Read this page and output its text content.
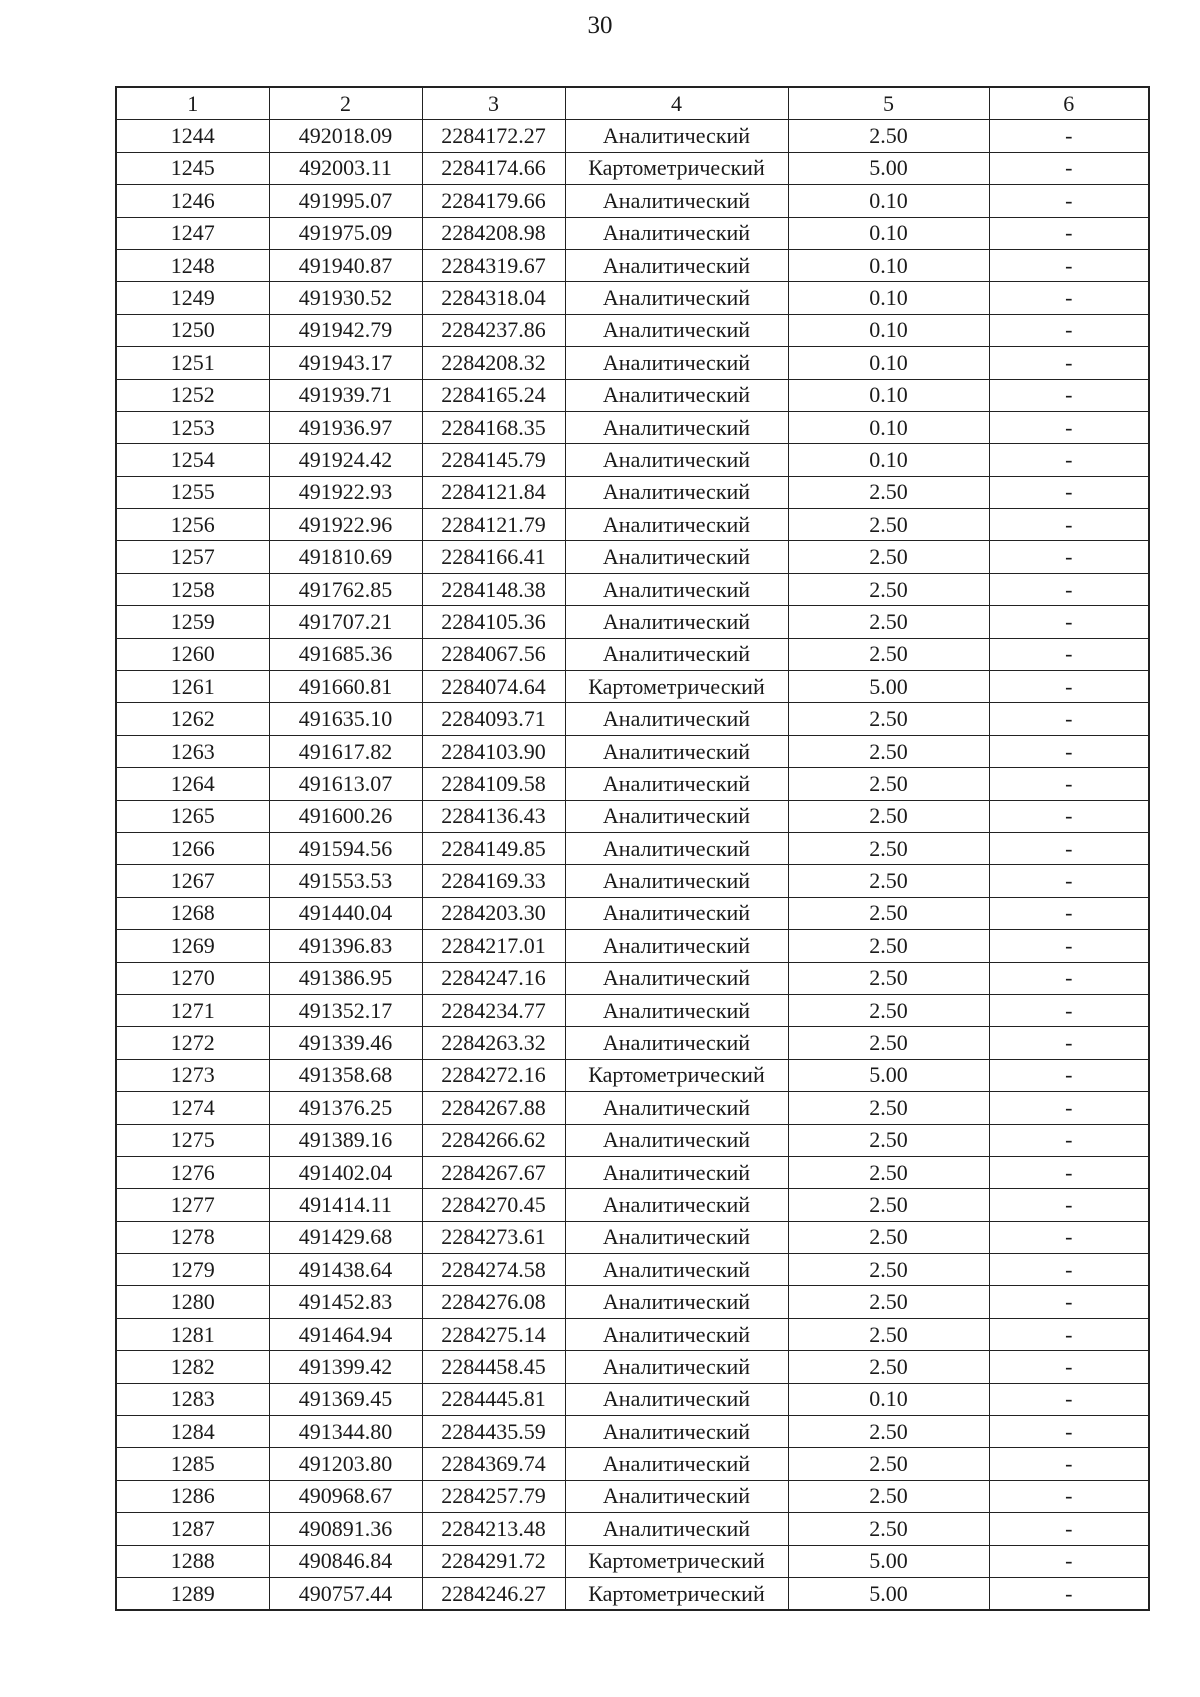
30
1	2	3	4	5	6
1244	492018.09	2284172.27	Аналитический	2.50	-
1245	492003.11	2284174.66	Картометрический	5.00	-
1246	491995.07	2284179.66	Аналитический	0.10	-
1247	491975.09	2284208.98	Аналитический	0.10	-
1248	491940.87	2284319.67	Аналитический	0.10	-
1249	491930.52	2284318.04	Аналитический	0.10	-
1250	491942.79	2284237.86	Аналитический	0.10	-
1251	491943.17	2284208.32	Аналитический	0.10	-
1252	491939.71	2284165.24	Аналитический	0.10	-
1253	491936.97	2284168.35	Аналитический	0.10	-
1254	491924.42	2284145.79	Аналитический	0.10	-
1255	491922.93	2284121.84	Аналитический	2.50	-
1256	491922.96	2284121.79	Аналитический	2.50	-
1257	491810.69	2284166.41	Аналитический	2.50	-
1258	491762.85	2284148.38	Аналитический	2.50	-
1259	491707.21	2284105.36	Аналитический	2.50	-
1260	491685.36	2284067.56	Аналитический	2.50	-
1261	491660.81	2284074.64	Картометрический	5.00	-
1262	491635.10	2284093.71	Аналитический	2.50	-
1263	491617.82	2284103.90	Аналитический	2.50	-
1264	491613.07	2284109.58	Аналитический	2.50	-
1265	491600.26	2284136.43	Аналитический	2.50	-
1266	491594.56	2284149.85	Аналитический	2.50	-
1267	491553.53	2284169.33	Аналитический	2.50	-
1268	491440.04	2284203.30	Аналитический	2.50	-
1269	491396.83	2284217.01	Аналитический	2.50	-
1270	491386.95	2284247.16	Аналитический	2.50	-
1271	491352.17	2284234.77	Аналитический	2.50	-
1272	491339.46	2284263.32	Аналитический	2.50	-
1273	491358.68	2284272.16	Картометрический	5.00	-
1274	491376.25	2284267.88	Аналитический	2.50	-
1275	491389.16	2284266.62	Аналитический	2.50	-
1276	491402.04	2284267.67	Аналитический	2.50	-
1277	491414.11	2284270.45	Аналитический	2.50	-
1278	491429.68	2284273.61	Аналитический	2.50	-
1279	491438.64	2284274.58	Аналитический	2.50	-
1280	491452.83	2284276.08	Аналитический	2.50	-
1281	491464.94	2284275.14	Аналитический	2.50	-
1282	491399.42	2284458.45	Аналитический	2.50	-
1283	491369.45	2284445.81	Аналитический	0.10	-
1284	491344.80	2284435.59	Аналитический	2.50	-
1285	491203.80	2284369.74	Аналитический	2.50	-
1286	490968.67	2284257.79	Аналитический	2.50	-
1287	490891.36	2284213.48	Аналитический	2.50	-
1288	490846.84	2284291.72	Картометрический	5.00	-
1289	490757.44	2284246.27	Картометрический	5.00	-
